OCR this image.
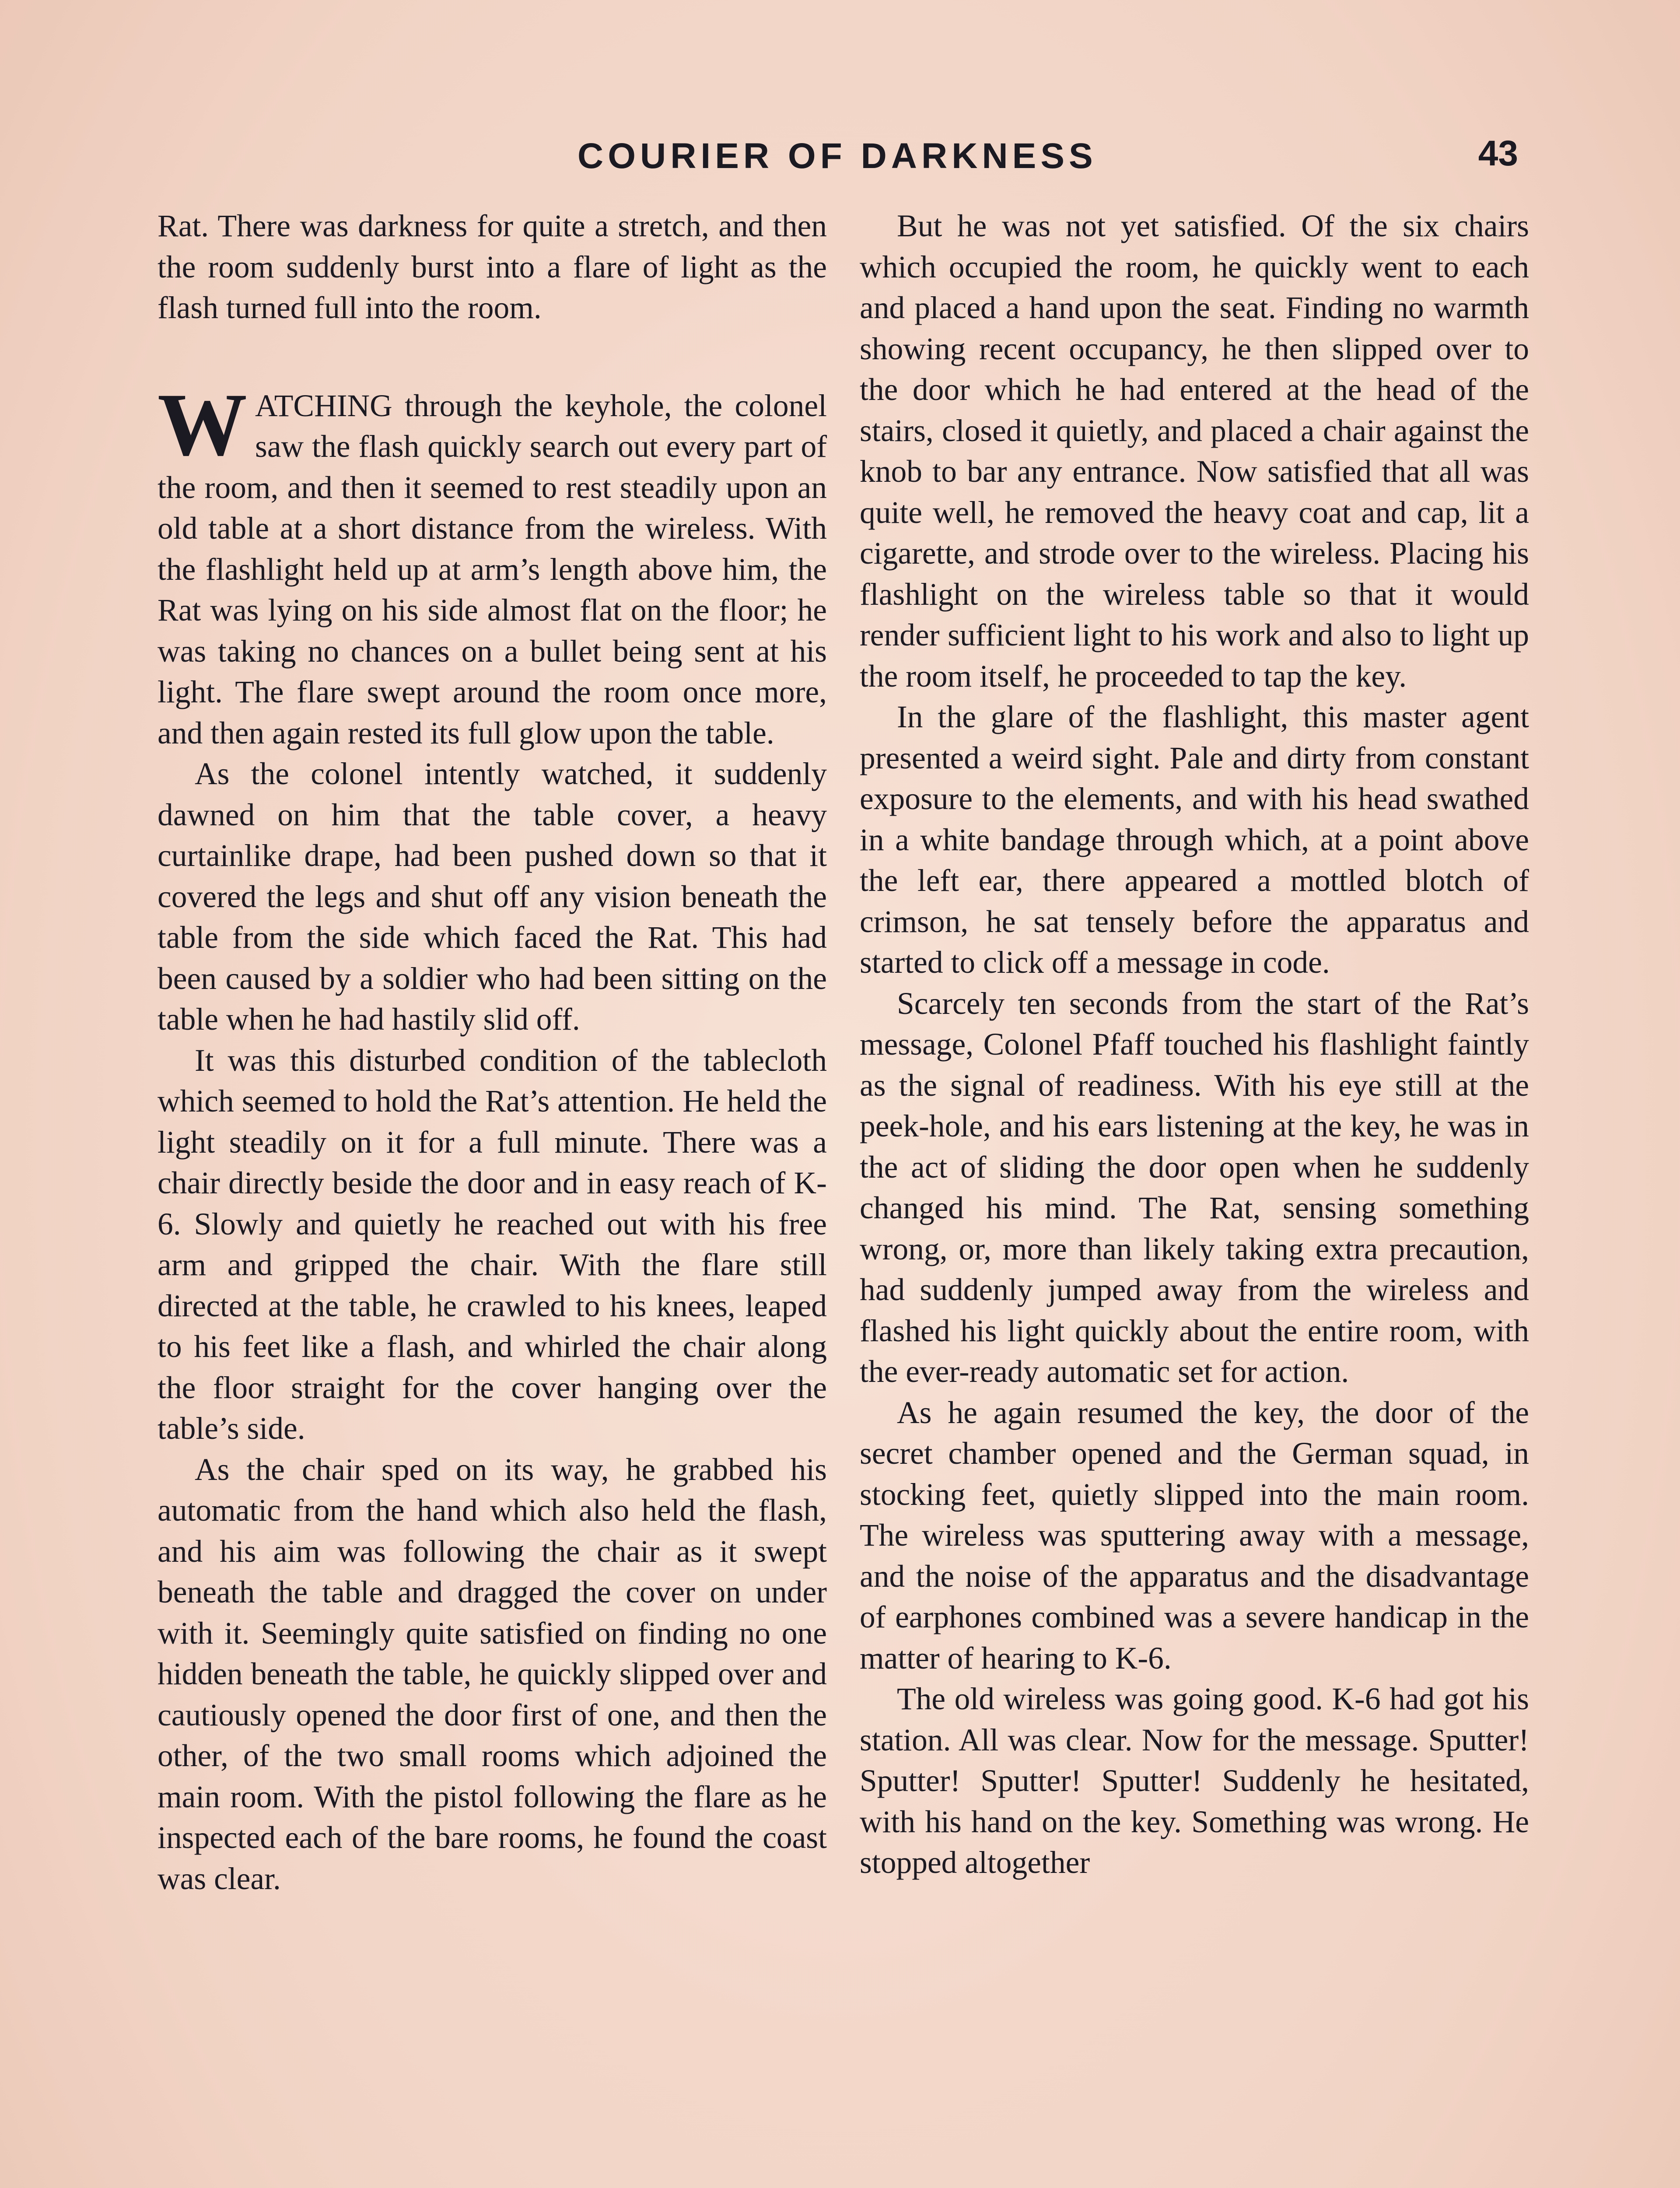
COURIER OF DARKNESS	43

Rat. There was darkness for quite a stretch, and then the room suddenly burst into a flare of light as the flash turned full into the room.

WATCHING through the keyhole, the colonel saw the flash quickly search out every part of the room, and then it seemed to rest steadily upon an old table at a short distance from the wireless. With the flashlight held up at arm’s length above him, the Rat was lying on his side almost flat on the floor; he was taking no chances on a bullet being sent at his light. The flare swept around the room once more, and then again rested its full glow upon the table.

As the colonel intently watched, it suddenly dawned on him that the table cover, a heavy curtainlike drape, had been pushed down so that it covered the legs and shut off any vision beneath the table from the side which faced the Rat. This had been caused by a soldier who had been sitting on the table when he had hastily slid off.

It was this disturbed condition of the tablecloth which seemed to hold the Rat’s attention. He held the light steadily on it for a full minute. There was a chair directly beside the door and in easy reach of K-6. Slowly and quietly he reached out with his free arm and gripped the chair. With the flare still directed at the table, he crawled to his knees, leaped to his feet like a flash, and whirled the chair along the floor straight for the cover hanging over the table’s side.

As the chair sped on its way, he grabbed his automatic from the hand which also held the flash, and his aim was following the chair as it swept beneath the table and dragged the cover on under with it. Seemingly quite satisfied on finding no one hidden beneath the table, he quickly slipped over and cautiously opened the door first of one, and then the other, of the two small rooms which adjoined the main room. With the pistol following the flare as he inspected each of the bare rooms, he found the coast was clear.

But he was not yet satisfied. Of the six chairs which occupied the room, he quickly went to each and placed a hand upon the seat. Finding no warmth showing recent occupancy, he then slipped over to the door which he had entered at the head of the stairs, closed it quietly, and placed a chair against the knob to bar any entrance. Now satisfied that all was quite well, he removed the heavy coat and cap, lit a cigarette, and strode over to the wireless. Placing his flashlight on the wireless table so that it would render sufficient light to his work and also to light up the room itself, he proceeded to tap the key.

In the glare of the flashlight, this master agent presented a weird sight. Pale and dirty from constant exposure to the elements, and with his head swathed in a white bandage through which, at a point above the left ear, there appeared a mottled blotch of crimson, he sat tensely before the apparatus and started to click off a message in code.

Scarcely ten seconds from the start of the Rat’s message, Colonel Pfaff touched his flashlight faintly as the signal of readiness. With his eye still at the peek-hole, and his ears listening at the key, he was in the act of sliding the door open when he suddenly changed his mind. The Rat, sensing something wrong, or, more than likely taking extra precaution, had suddenly jumped away from the wireless and flashed his light quickly about the entire room, with the ever-ready automatic set for action.

As he again resumed the key, the door of the secret chamber opened and the German squad, in stocking feet, quietly slipped into the main room. The wireless was sputtering away with a message, and the noise of the apparatus and the disadvantage of earphones combined was a severe handicap in the matter of hearing to K-6.

The old wireless was going good. K-6 had got his station. All was clear. Now for the message. Sputter! Sputter! Sputter! Sputter! Suddenly he hesitated, with his hand on the key. Something was wrong. He stopped altogether
